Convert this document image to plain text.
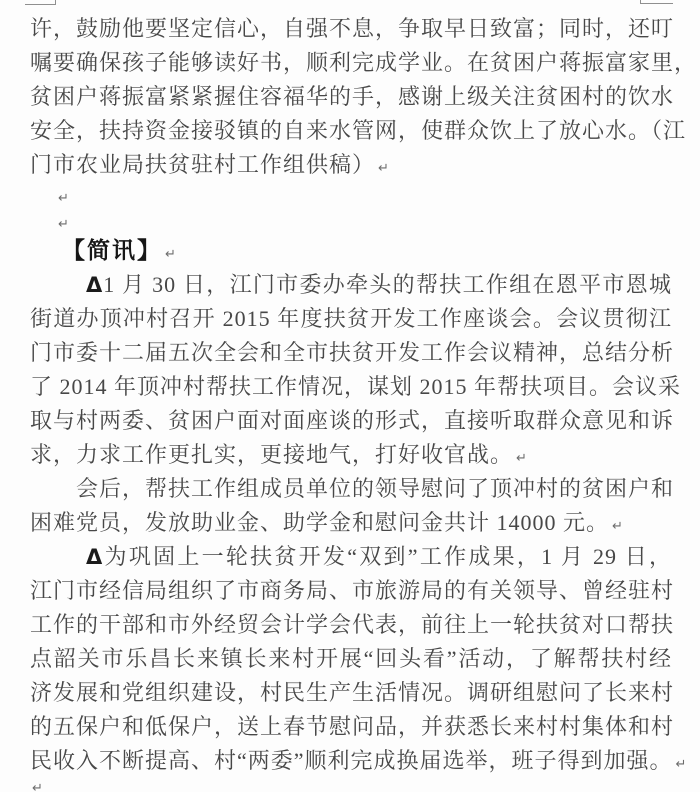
许，鼓励他要坚定信心，自强不息，争取早日致富；同时，还叮
嘱要确保孩子能够读好书，顺利完成学业。在贫困户蒋振富家里，
贫困户蒋振富紧紧握住容福华的手，感谢上级关注贫困村的饮水
安全，扶持资金接驳镇的自来水管网，使群众饮上了放心水。（江
门市农业局扶贫驻村工作组供稿） ↵
↵
↵
【简讯】 ↵
Δ1 月 30 日，江门市委办牵头的帮扶工作组在恩平市恩城
街道办顶冲村召开 2015 年度扶贫开发工作座谈会。会议贯彻江
门市委十二届五次全会和全市扶贫开发工作会议精神，总结分析
了 2014 年顶冲村帮扶工作情况，谋划 2015 年帮扶项目。会议采
取与村两委、贫困户面对面座谈的形式，直接听取群众意见和诉
求，力求工作更扎实，更接地气，打好收官战。 ↵
会后，帮扶工作组成员单位的领导慰问了顶冲村的贫困户和
困难党员，发放助业金、助学金和慰问金共计 14000 元。 ↵
Δ为巩固上一轮扶贫开发“双到”工作成果，1 月 29 日，
江门市经信局组织了市商务局、市旅游局的有关领导、曾经驻村
工作的干部和市外经贸会计学会代表，前往上一轮扶贫对口帮扶
点韶关市乐昌长来镇长来村开展“回头看”活动，了解帮扶村经
济发展和党组织建设，村民生产生活情况。调研组慰问了长来村
的五保户和低保户，送上春节慰问品，并获悉长来村村集体和村
民收入不断提高、村“两委”顺利完成换届选举，班子得到加强。 ↵
↵
